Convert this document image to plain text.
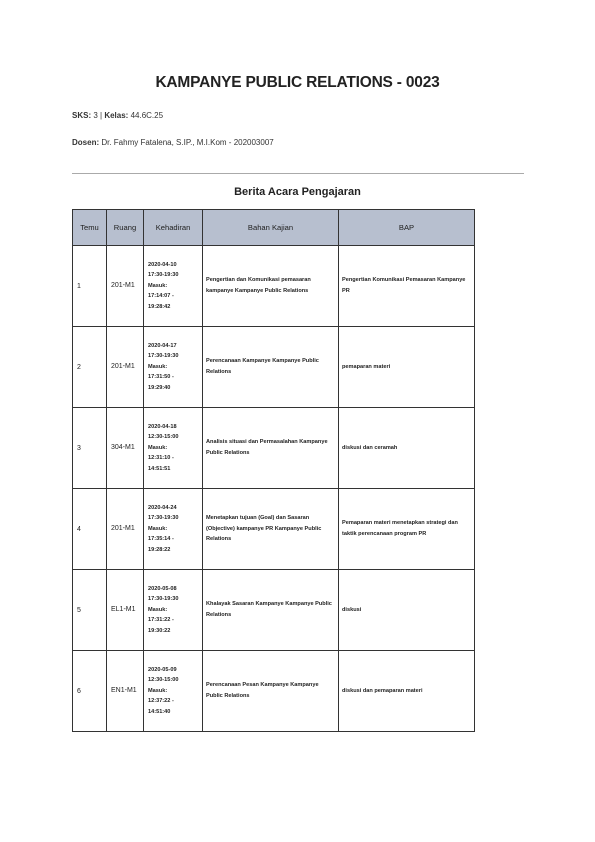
KAMPANYE PUBLIC RELATIONS - 0023
SKS: 3 | Kelas: 44.6C.25
Dosen: Dr. Fahmy Fatalena, S.IP., M.I.Kom - 202003007
Berita Acara Pengajaran
Temu	Ruang	Kehadiran	Bahan Kajian	BAP
1	201-M1	2020-04-10
17:30-19:30
Masuk:
17:14:07 -
19:28:42	Pengertian dan Komunikasi pemasaran kampanye Kampanye Public Relations	Pengertian Komunikasi Pemasaran Kampanye PR
2	201-M1	2020-04-17
17:30-19:30
Masuk:
17:31:50 -
19:29:40	Perencanaan Kampanye Kampanye Public Relations	pemaparan materi
3	304-M1	2020-04-18
12:30-15:00
Masuk:
12:31:10 -
14:51:51	Analisis situasi dan Permasalahan Kampanye Public Relations	diskusi dan ceramah
4	201-M1	2020-04-24
17:30-19:30
Masuk:
17:35:14 -
19:28:22	Menetapkan tujuan (Goal) dan Sasaran (Objective) kampanye PR Kampanye Public Relations	Pemaparan materi menetapkan strategi dan taktik perencanaan program PR
5	EL1-M1	2020-05-08
17:30-19:30
Masuk:
17:31:22 -
19:30:22	Khalayak Sasaran Kampanye Kampanye Public Relations	diskusi
6	EN1-M1	2020-05-09
12:30-15:00
Masuk:
12:37:22 -
14:51:40	Perencanaan Pesan Kampanye Kampanye Public Relations	diskusi dan pemaparan materi
